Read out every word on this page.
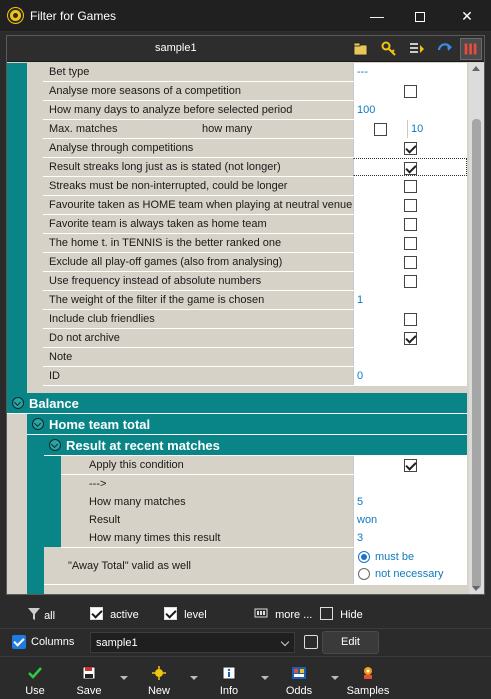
Filter for Games	—	✕
sample1
Bet type	---
Analyse more seasons of a competition
How many days to analyze before selected period	100
Max. matches	how many	10
Analyse through competitions
Result streaks long just as is stated (not longer)
Streaks must be non-interrupted, could be longer
Favourite taken as HOME team when playing at neutral venue
Favorite team is always taken as home team
The home t. in TENNIS is the better ranked one
Exclude all play-off games (also from analysing)
Use frequency instead of absolute numbers
The weight of the filter if the game is chosen	1
Include club friendlies
Do not archive
Note
ID	0
Balance
Home team total
Result at recent matches
Apply this condition
--->
How many matches	5
Result	won
How many times this result	3
"Away Total" valid as well
must be
not necessary
all	active	level	more ...	Hide
Columns sample1	Edit
Use	Save	New	Info	Odds	Samples
